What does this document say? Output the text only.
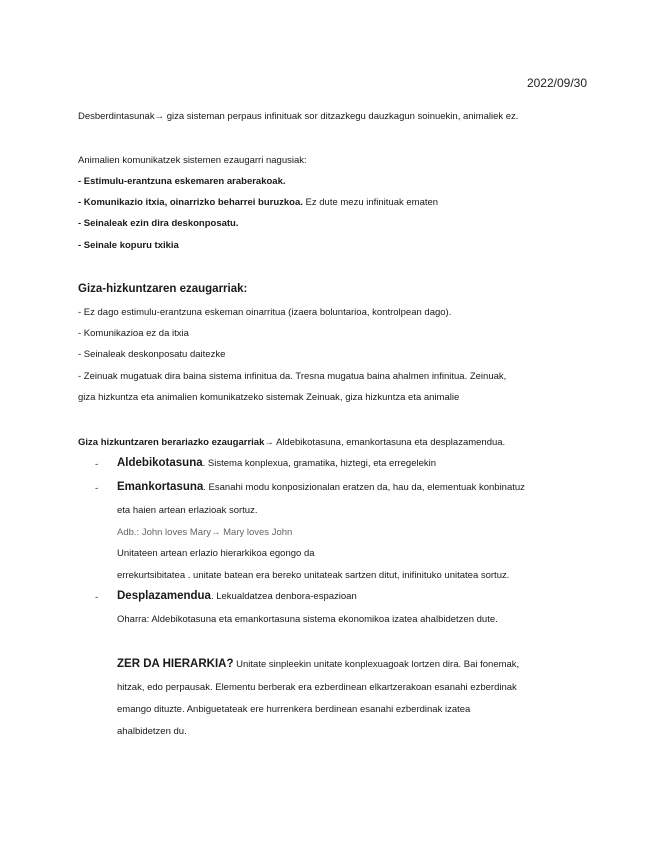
2022/09/30
Desberdintasunak→ giza sisteman perpaus infinituak sor ditzazkegu dauzkagun soinuekin, animaliek ez.
Animalien komunikatzek sistemen ezaugarri nagusiak:
- Estimulu-erantzuna eskemaren araberakoak.
- Komunikazio itxia, oinarrizko beharrei buruzkoa. Ez dute mezu infinituak ematen
- Seinaleak ezin dira deskonposatu.
- Seinale kopuru txikia
Giza-hizkuntzaren ezaugarriak:
- Ez dago estimulu-erantzuna eskeman oinarritua (izaera boluntarioa, kontrolpean dago).
- Komunikazioa ez da itxia
- Seinaleak deskonposatu daitezke
- Zeinuak mugatuak dira baina sistema infinitua da. Tresna mugatua baina ahalmen infinitua. Zeinuak,
giza hizkuntza eta animalien komunikatzeko sistemak Zeinuak, giza hizkuntza eta animalie
Giza hizkuntzaren berariazko ezaugarriak→ Aldebikotasuna, emankortasuna eta desplazamendua.
- Aldebikotasuna. Sistema konplexua, gramatika, hiztegi, eta erregelekin
- Emankortasuna. Esanahi modu konposizionalan eratzen da, hau da, elementuak konbinatuz
eta haien artean erlazioak sortuz.
Adb.: John loves Mary→ Mary loves John
Unitateen artean erlazio hierarkikoa egongo da
errekurtsibitatea . unitate batean era bereko unitateak sartzen ditut, inifinituko unitatea sortuz.
- Desplazamendua. Lekualdatzea denbora-espazioan
Oharra: Aldebikotasuna eta emankortasuna sistema ekonomikoa izatea ahalbidetzen dute.
ZER DA HIERARKIA? Unitate sinpleekin unitate konplexuagoak lortzen dira. Bai fonemak,
hitzak, edo perpausak. Elementu berberak era ezberdinean elkartzerakoan esanahi ezberdinak
emango dituzte. Anbiguetateak ere hurrenkera berdinean esanahi ezberdinak izatea
ahalbidetzen du.
